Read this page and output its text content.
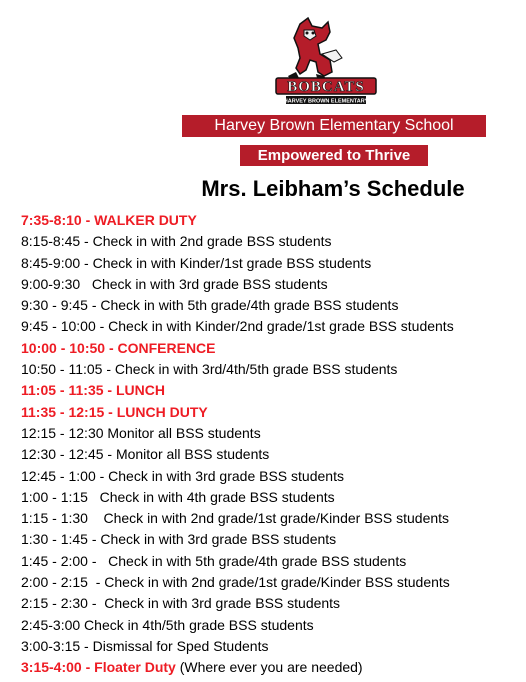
BOBCATS
HARVEY BROWN ELEMENTARY
Harvey Brown Elementary School
Empowered to Thrive
Mrs. Leibham’s Schedule
7:35-8:10 - WALKER DUTY
8:15-8:45 - Check in with 2nd grade BSS students
8:45-9:00 - Check in with Kinder/1st grade BSS students
9:00-9:30   Check in with 3rd grade BSS students
9:30 - 9:45 - Check in with 5th grade/4th grade BSS students
9:45 - 10:00 - Check in with Kinder/2nd grade/1st grade BSS students
10:00 - 10:50 - CONFERENCE
10:50 - 11:05 - Check in with 3rd/4th/5th grade BSS students
11:05 - 11:35 - LUNCH
11:35 - 12:15 - LUNCH DUTY
12:15 - 12:30 Monitor all BSS students
12:30 - 12:45 - Monitor all BSS students
12:45 - 1:00 - Check in with 3rd grade BSS students
1:00 - 1:15   Check in with 4th grade BSS students
1:15 - 1:30    Check in with 2nd grade/1st grade/Kinder BSS students
1:30 - 1:45 - Check in with 3rd grade BSS students
1:45 - 2:00 -   Check in with 5th grade/4th grade BSS students
2:00 - 2:15  - Check in with 2nd grade/1st grade/Kinder BSS students
2:15 - 2:30 -  Check in with 3rd grade BSS students
2:45-3:00 Check in 4th/5th grade BSS students
3:00-3:15 - Dismissal for Sped Students
3:15-4:00 - Floater Duty (Where ever you are needed)
